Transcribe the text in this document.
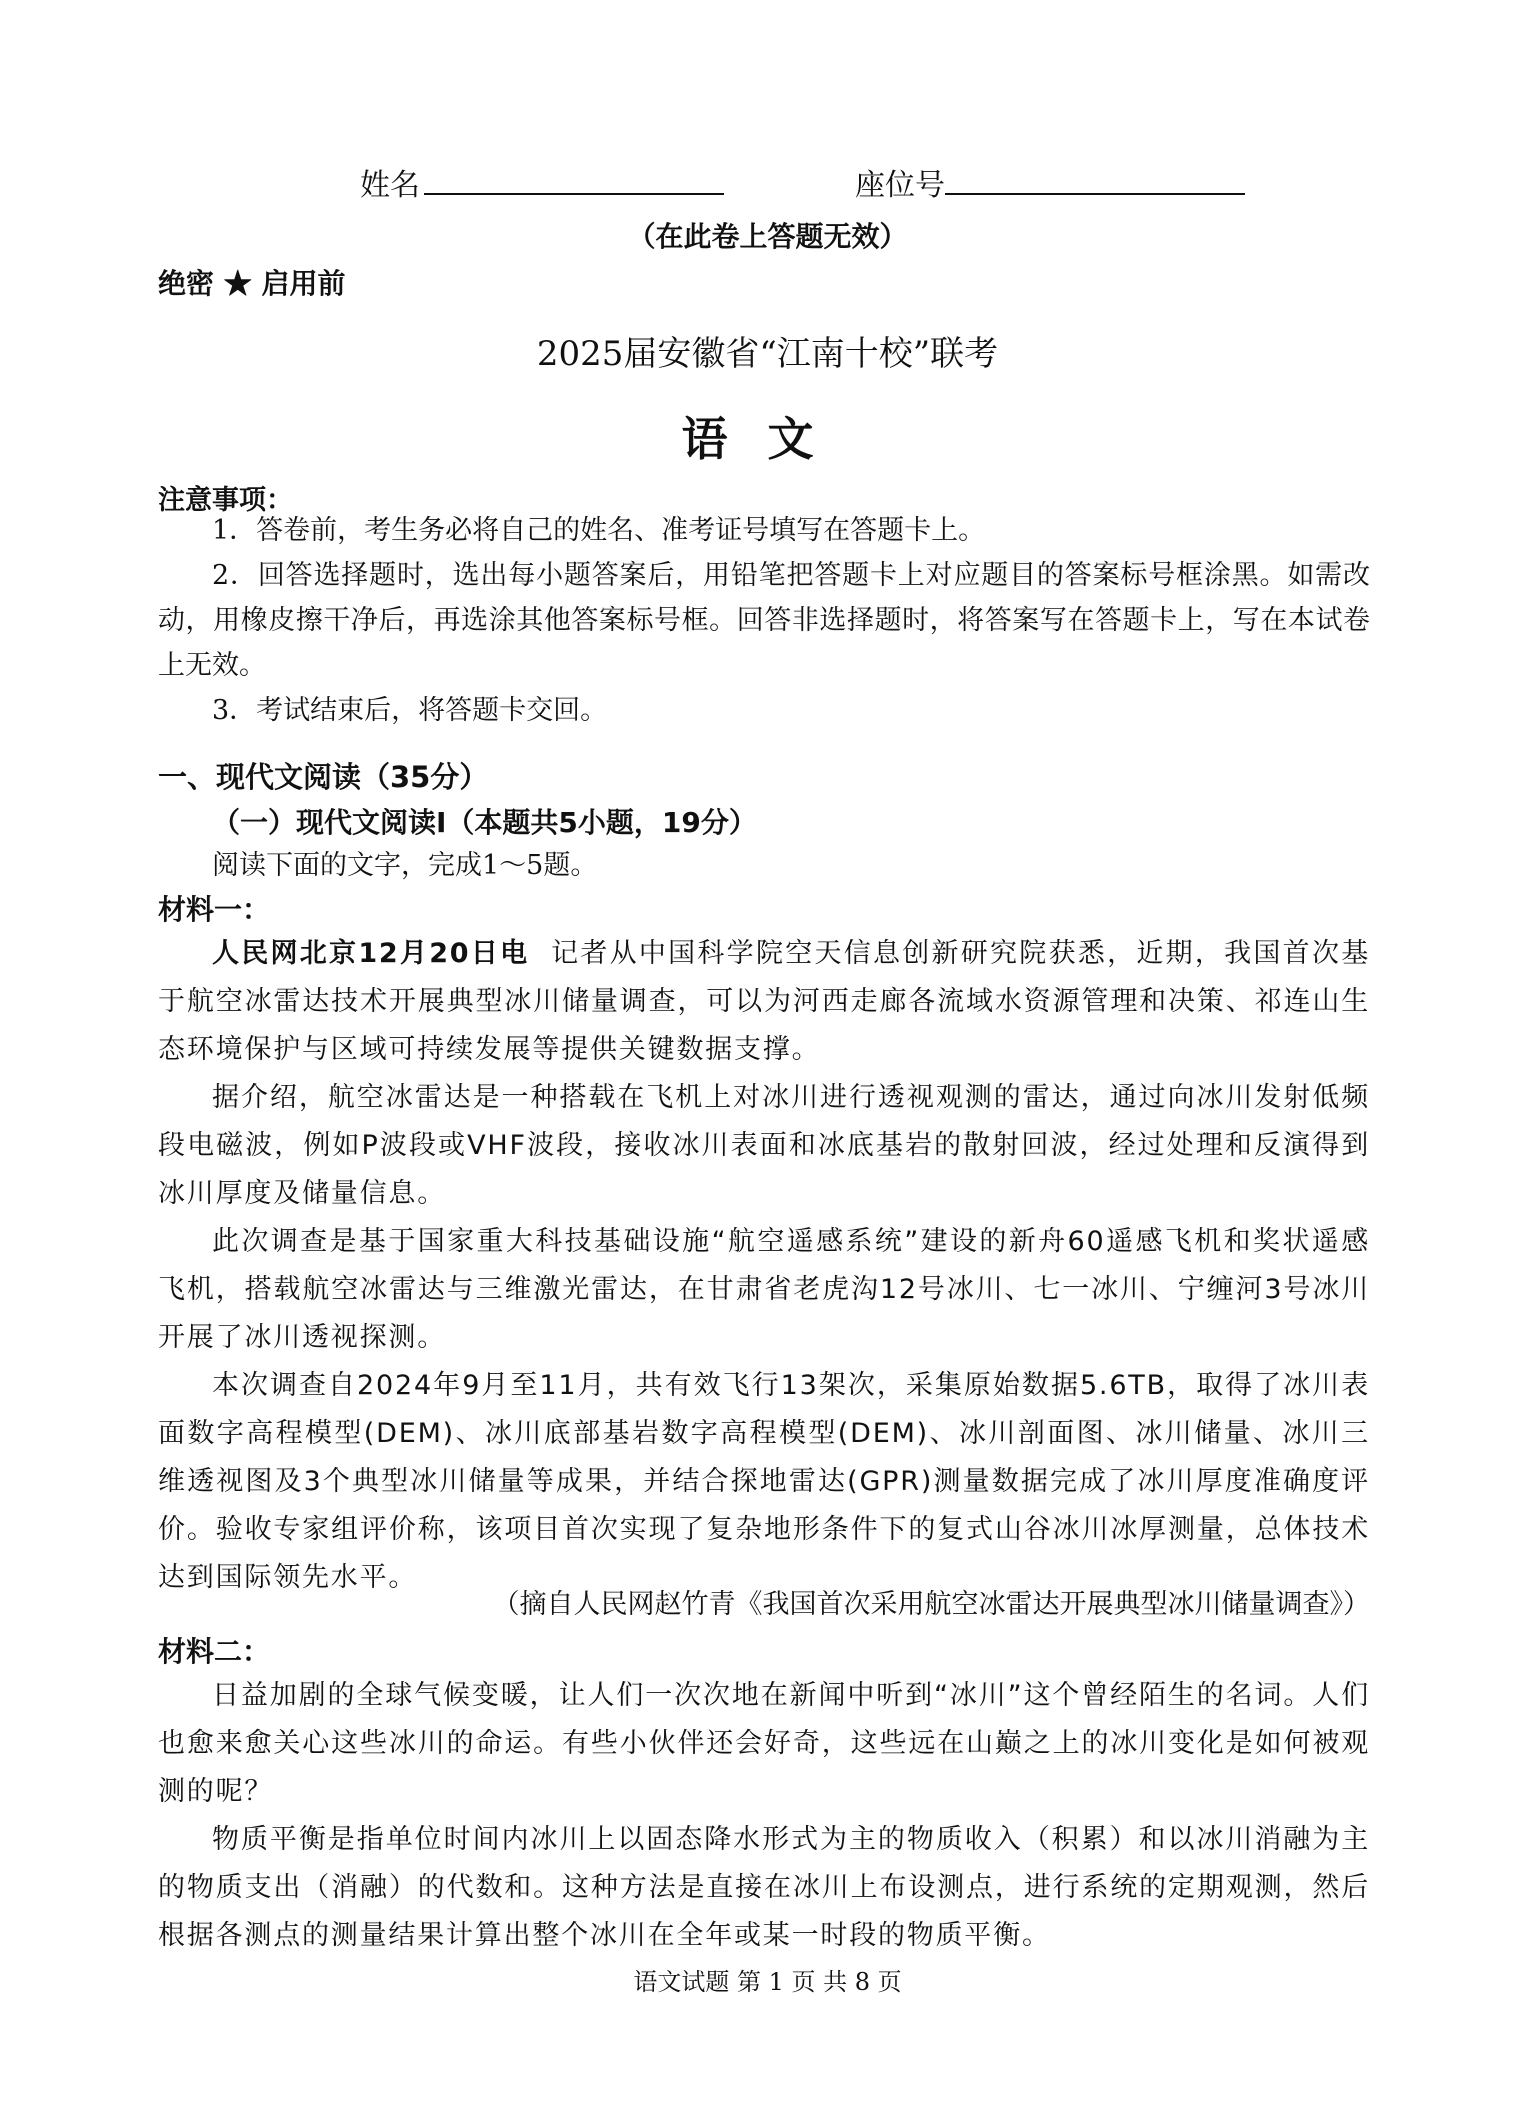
姓名	座位号
（在此卷上答题无效）
绝密 ★ 启用前
2025届安徽省“江南十校”联考
语文
注意事项：

1．答卷前，考生务必将自己的姓名、准考证号填写在答题卡上。

2．回答选择题时，选出每小题答案后，用铅笔把答题卡上对应题目的答案标号框涂黑。如需改动，用橡皮擦干净后，再选涂其他答案标号框。回答非选择题时，将答案写在答题卡上，写在本试卷上无效。

3．考试结束后，将答题卡交回。

一、现代文阅读（35分）
（一）现代文阅读I（本题共5小题，19分）
阅读下面的文字，完成1～5题。
材料一：

人民网北京12月20日电 记者从中国科学院空天信息创新研究院获悉，近期，我国首次基于航空冰雷达技术开展典型冰川储量调查，可以为河西走廊各流域水资源管理和决策、祁连山生态环境保护与区域可持续发展等提供关键数据支撑。

据介绍，航空冰雷达是一种搭载在飞机上对冰川进行透视观测的雷达，通过向冰川发射低频段电磁波，例如P波段或VHF波段，接收冰川表面和冰底基岩的散射回波，经过处理和反演得到冰川厚度及储量信息。

此次调查是基于国家重大科技基础设施“航空遥感系统”建设的新舟60遥感飞机和奖状遥感飞机，搭载航空冰雷达与三维激光雷达，在甘肃省老虎沟12号冰川、七一冰川、宁缠河3号冰川开展了冰川透视探测。

本次调查自2024年9月至11月，共有效飞行13架次，采集原始数据5.6TB，取得了冰川表面数字高程模型(DEM)、冰川底部基岩数字高程模型(DEM)、冰川剖面图、冰川储量、冰川三维透视图及3个典型冰川储量等成果，并结合探地雷达(GPR)测量数据完成了冰川厚度准确度评价。验收专家组评价称，该项目首次实现了复杂地形条件下的复式山谷冰川冰厚测量，总体技术达到国际领先水平。

（摘自人民网赵竹青《我国首次采用航空冰雷达开展典型冰川储量调查》）
材料二：

日益加剧的全球气候变暖，让人们一次次地在新闻中听到“冰川”这个曾经陌生的名词。人们也愈来愈关心这些冰川的命运。有些小伙伴还会好奇，这些远在山巅之上的冰川变化是如何被观测的呢？

物质平衡是指单位时间内冰川上以固态降水形式为主的物质收入（积累）和以冰川消融为主的物质支出（消融）的代数和。这种方法是直接在冰川上布设测点，进行系统的定期观测，然后根据各测点的测量结果计算出整个冰川在全年或某一时段的物质平衡。

语文试题 第 1 页 共 8 页
